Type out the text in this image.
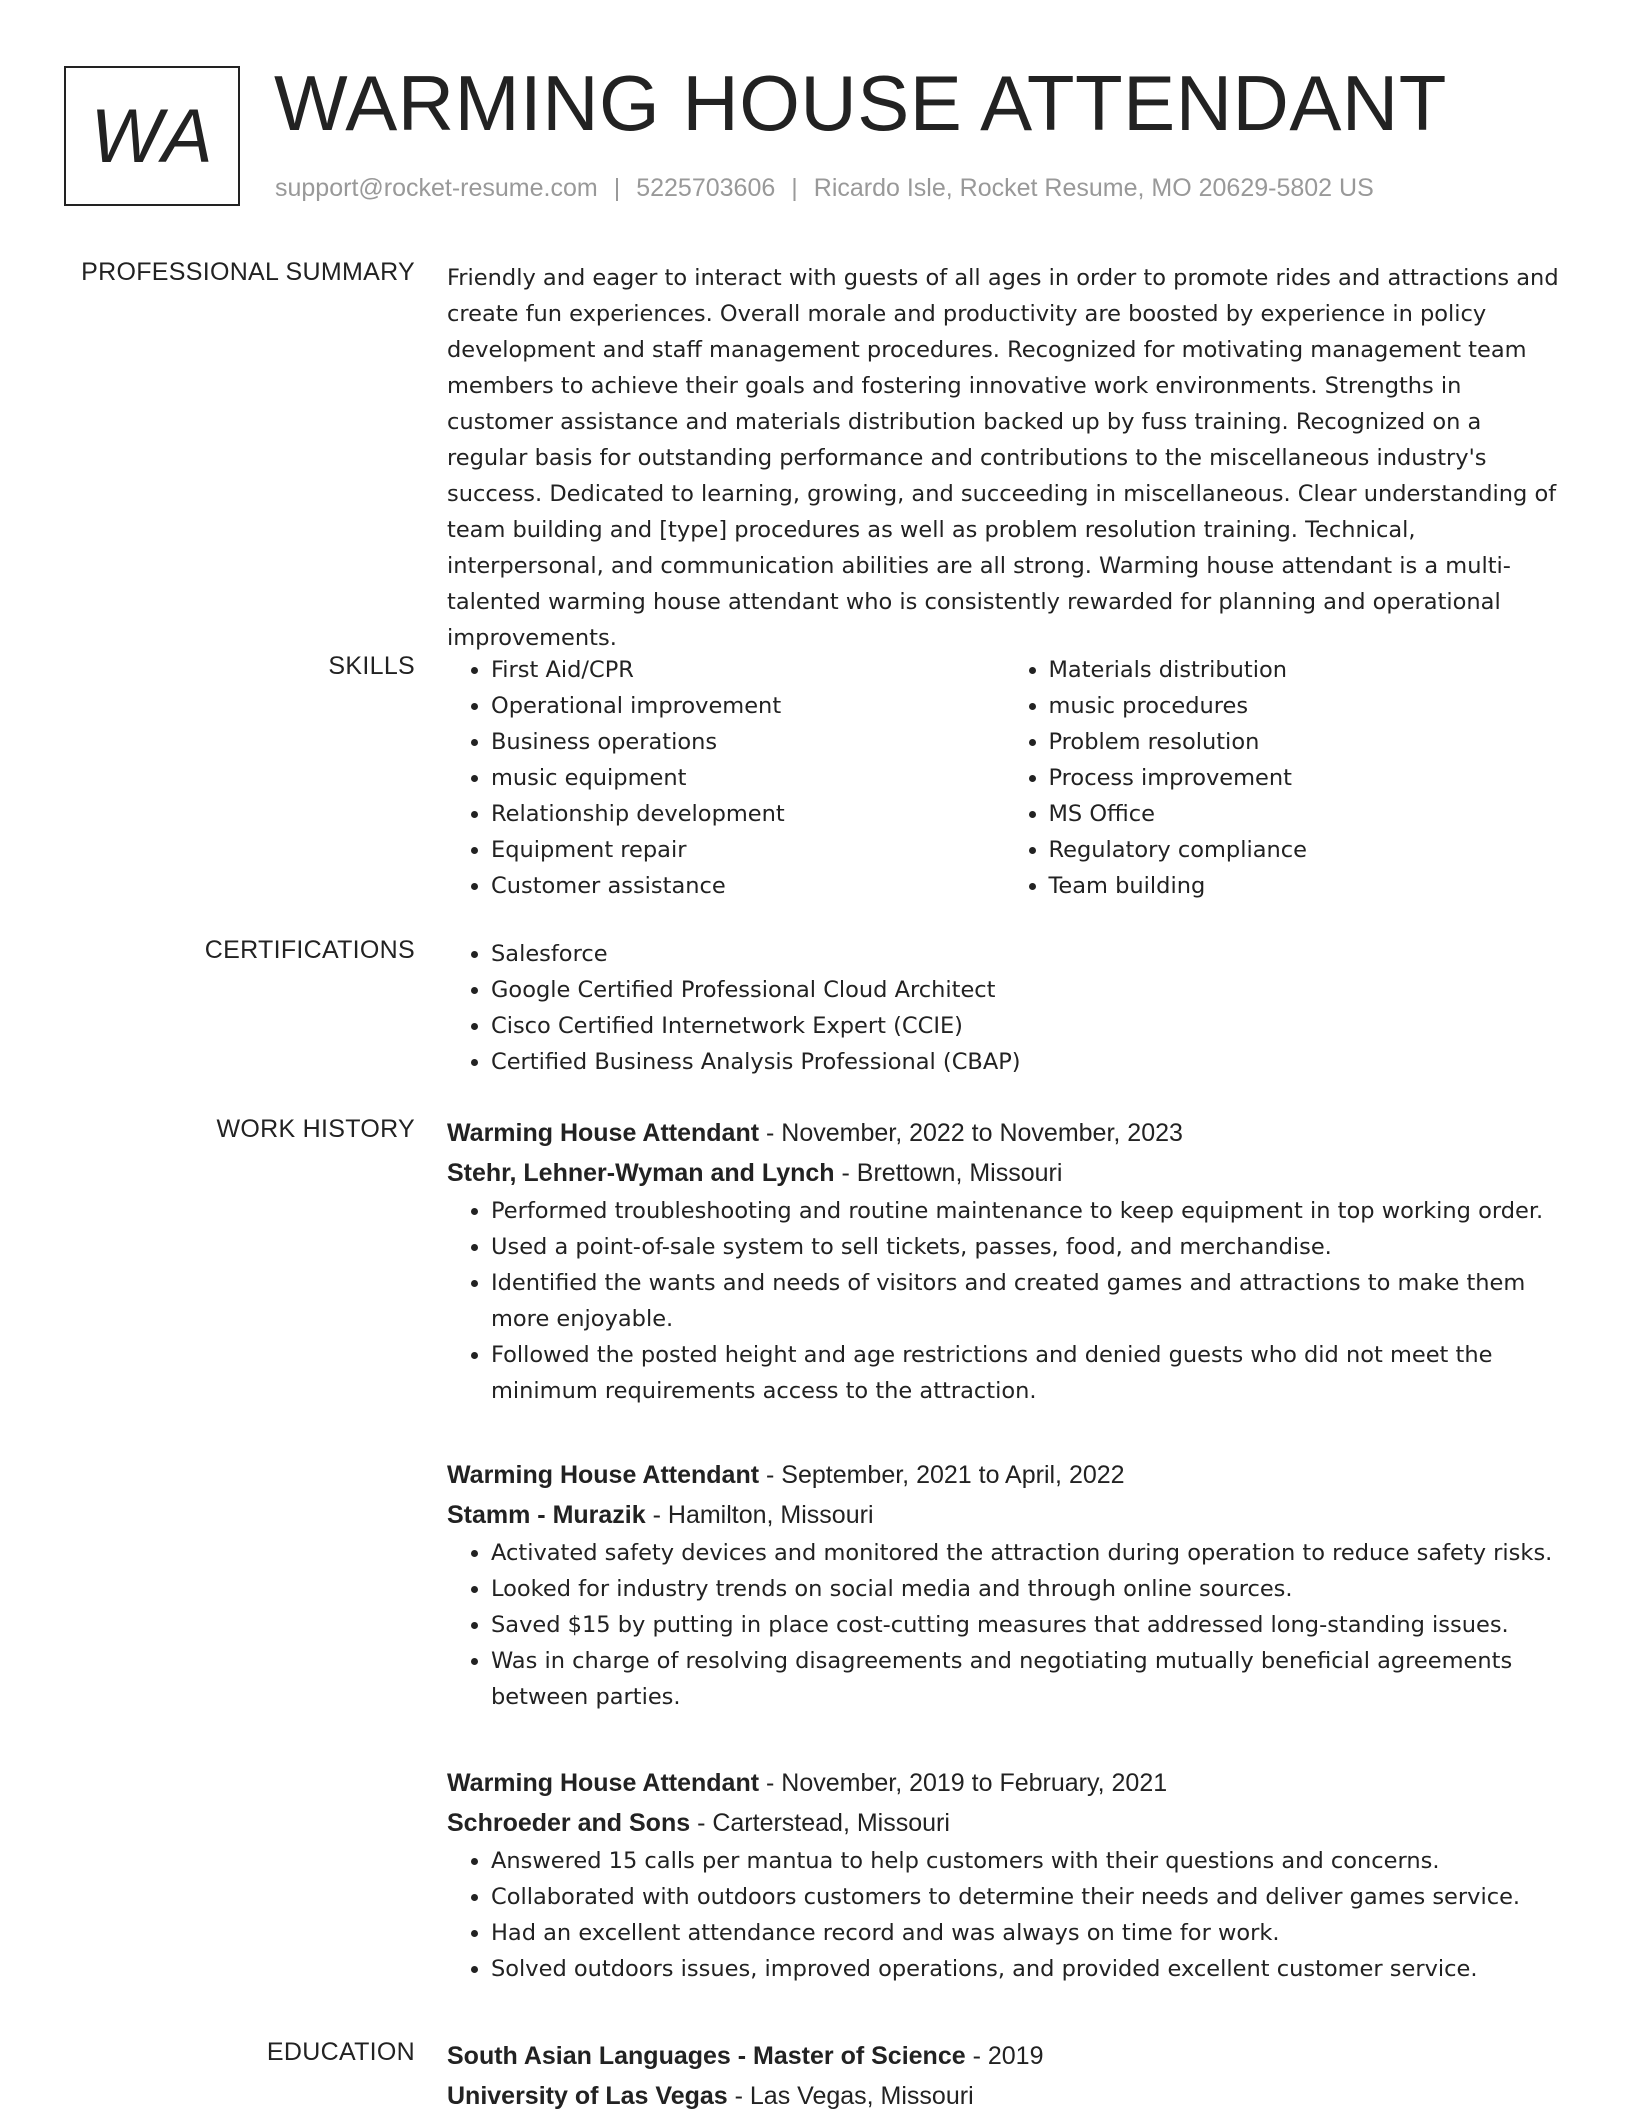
WA WARMING HOUSE ATTENDANT
support@rocket-resume.com | 5225703606 | Ricardo Isle, Rocket Resume, MO 20629-5802 US
PROFESSIONAL SUMMARY Friendly and eager to interact with guests of all ages in order to promote rides and attractions and create fun experiences. Overall morale and productivity are boosted by experience in policy development and staff management procedures. Recognized for motivating management team members to achieve their goals and fostering innovative work environments. Strengths in customer assistance and materials distribution backed up by fuss training. Recognized on a regular basis for outstanding performance and contributions to the miscellaneous industry's success. Dedicated to learning, growing, and succeeding in miscellaneous. Clear understanding of team building and [type] procedures as well as problem resolution training. Technical, interpersonal, and communication abilities are all strong. Warming house attendant is a multi-talented warming house attendant who is consistently rewarded for planning and operational improvements.

SKILLS	• First Aid/CPR
• Operational improvement
• Business operations
• music equipment
• Relationship development
• Equipment repair
• Customer assistance
• Materials distribution
• music procedures
• Problem resolution
• Process improvement
• MS Office
• Regulatory compliance
• Team building
CERTIFICATIONS	• Salesforce
• Google Certified Professional Cloud Architect
• Cisco Certified Internetwork Expert (CCIE)
• Certified Business Analysis Professional (CBAP)
WORK HISTORY Warming House Attendant - November, 2022 to November, 2023
Stehr, Lehner-Wyman and Lynch - Brettown, Missouri
• Performed troubleshooting and routine maintenance to keep equipment in top working order.
• Used a point-of-sale system to sell tickets, passes, food, and merchandise.
• Identified the wants and needs of visitors and created games and attractions to make them more enjoyable.
• Followed the posted height and age restrictions and denied guests who did not meet the minimum requirements access to the attraction.
Warming House Attendant - September, 2021 to April, 2022
Stamm - Murazik - Hamilton, Missouri
• Activated safety devices and monitored the attraction during operation to reduce safety risks.
• Looked for industry trends on social media and through online sources.
• Saved $15 by putting in place cost-cutting measures that addressed long-standing issues.
• Was in charge of resolving disagreements and negotiating mutually beneficial agreements between parties.
Warming House Attendant - November, 2019 to February, 2021
Schroeder and Sons - Carterstead, Missouri
• Answered 15 calls per mantua to help customers with their questions and concerns.
• Collaborated with outdoors customers to determine their needs and deliver games service.
• Had an excellent attendance record and was always on time for work.
• Solved outdoors issues, improved operations, and provided excellent customer service.
EDUCATION South Asian Languages - Master of Science - 2019
University of Las Vegas - Las Vegas, Missouri
